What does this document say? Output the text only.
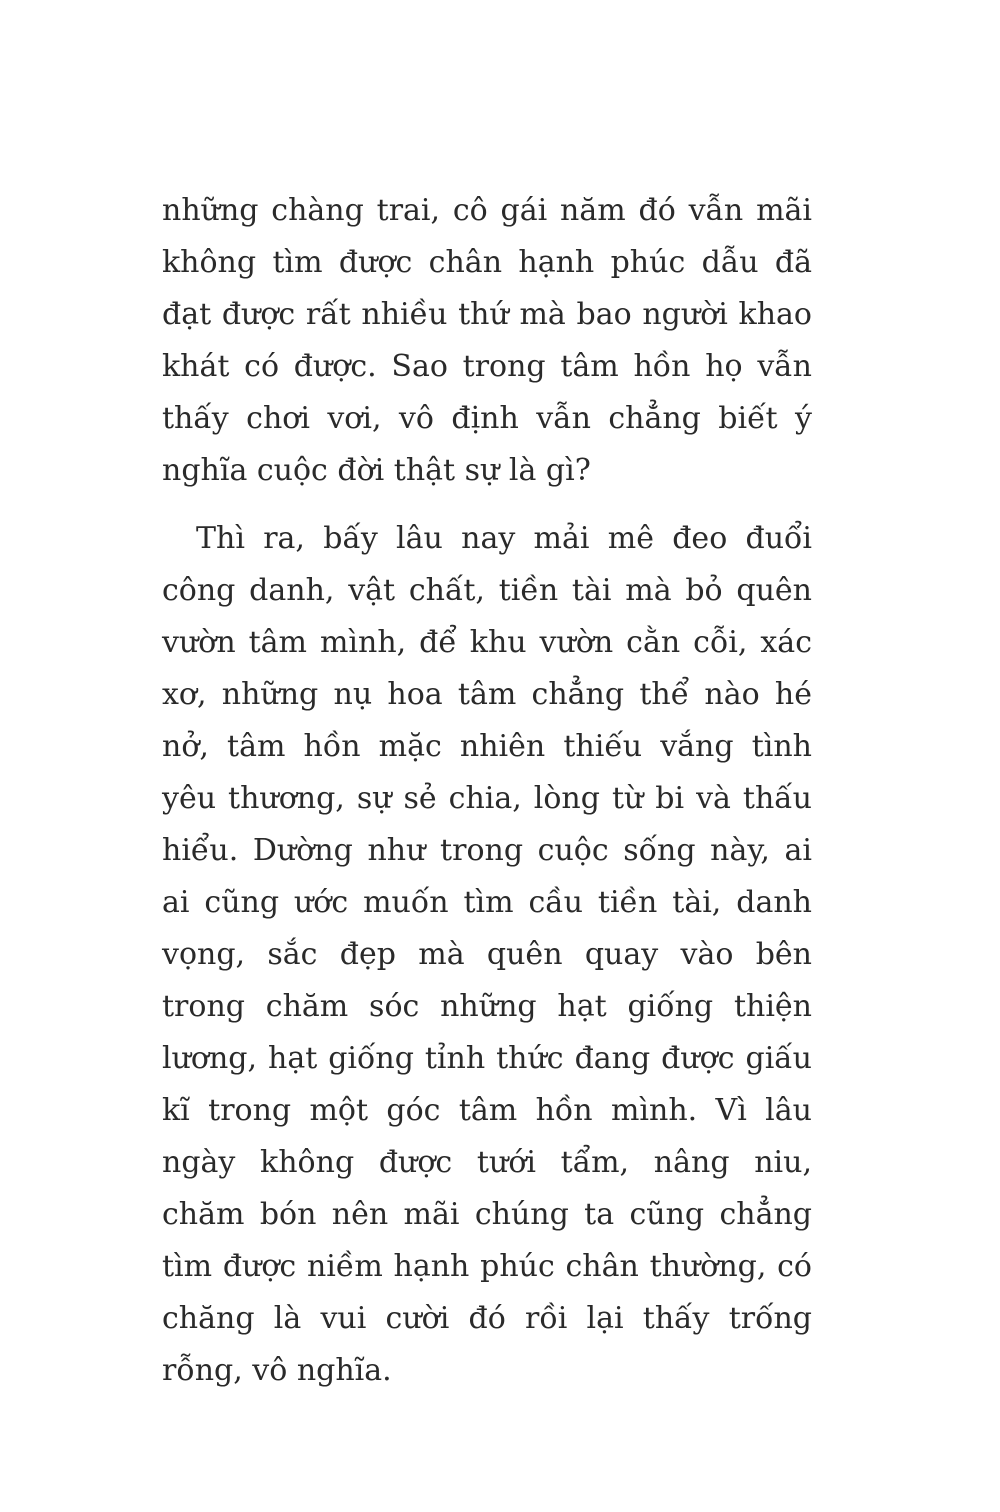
những chàng trai, cô gái năm đó vẫn mãi không tìm được chân hạnh phúc dẫu đã đạt được rất nhiều thứ mà bao người khao khát có được. Sao trong tâm hồn họ vẫn thấy chơi vơi, vô định vẫn chẳng biết ý nghĩa cuộc đời thật sự là gì?

Thì ra, bấy lâu nay mải mê đeo đuổi công danh, vật chất, tiền tài mà bỏ quên vườn tâm mình, để khu vườn cằn cỗi, xác xơ, những nụ hoa tâm chẳng thể nào hé nở, tâm hồn mặc nhiên thiếu vắng tình yêu thương, sự sẻ chia, lòng từ bi và thấu hiểu. Dường như trong cuộc sống này, ai ai cũng ước muốn tìm cầu tiền tài, danh vọng, sắc đẹp mà quên quay vào bên trong chăm sóc những hạt giống thiện lương, hạt giống tỉnh thức đang được giấu kĩ trong một góc tâm hồn mình. Vì lâu ngày không được tưới tẩm, nâng niu, chăm bón nên mãi chúng ta cũng chẳng tìm được niềm hạnh phúc chân thường, có chăng là vui cười đó rồi lại thấy trống rỗng, vô nghĩa.
